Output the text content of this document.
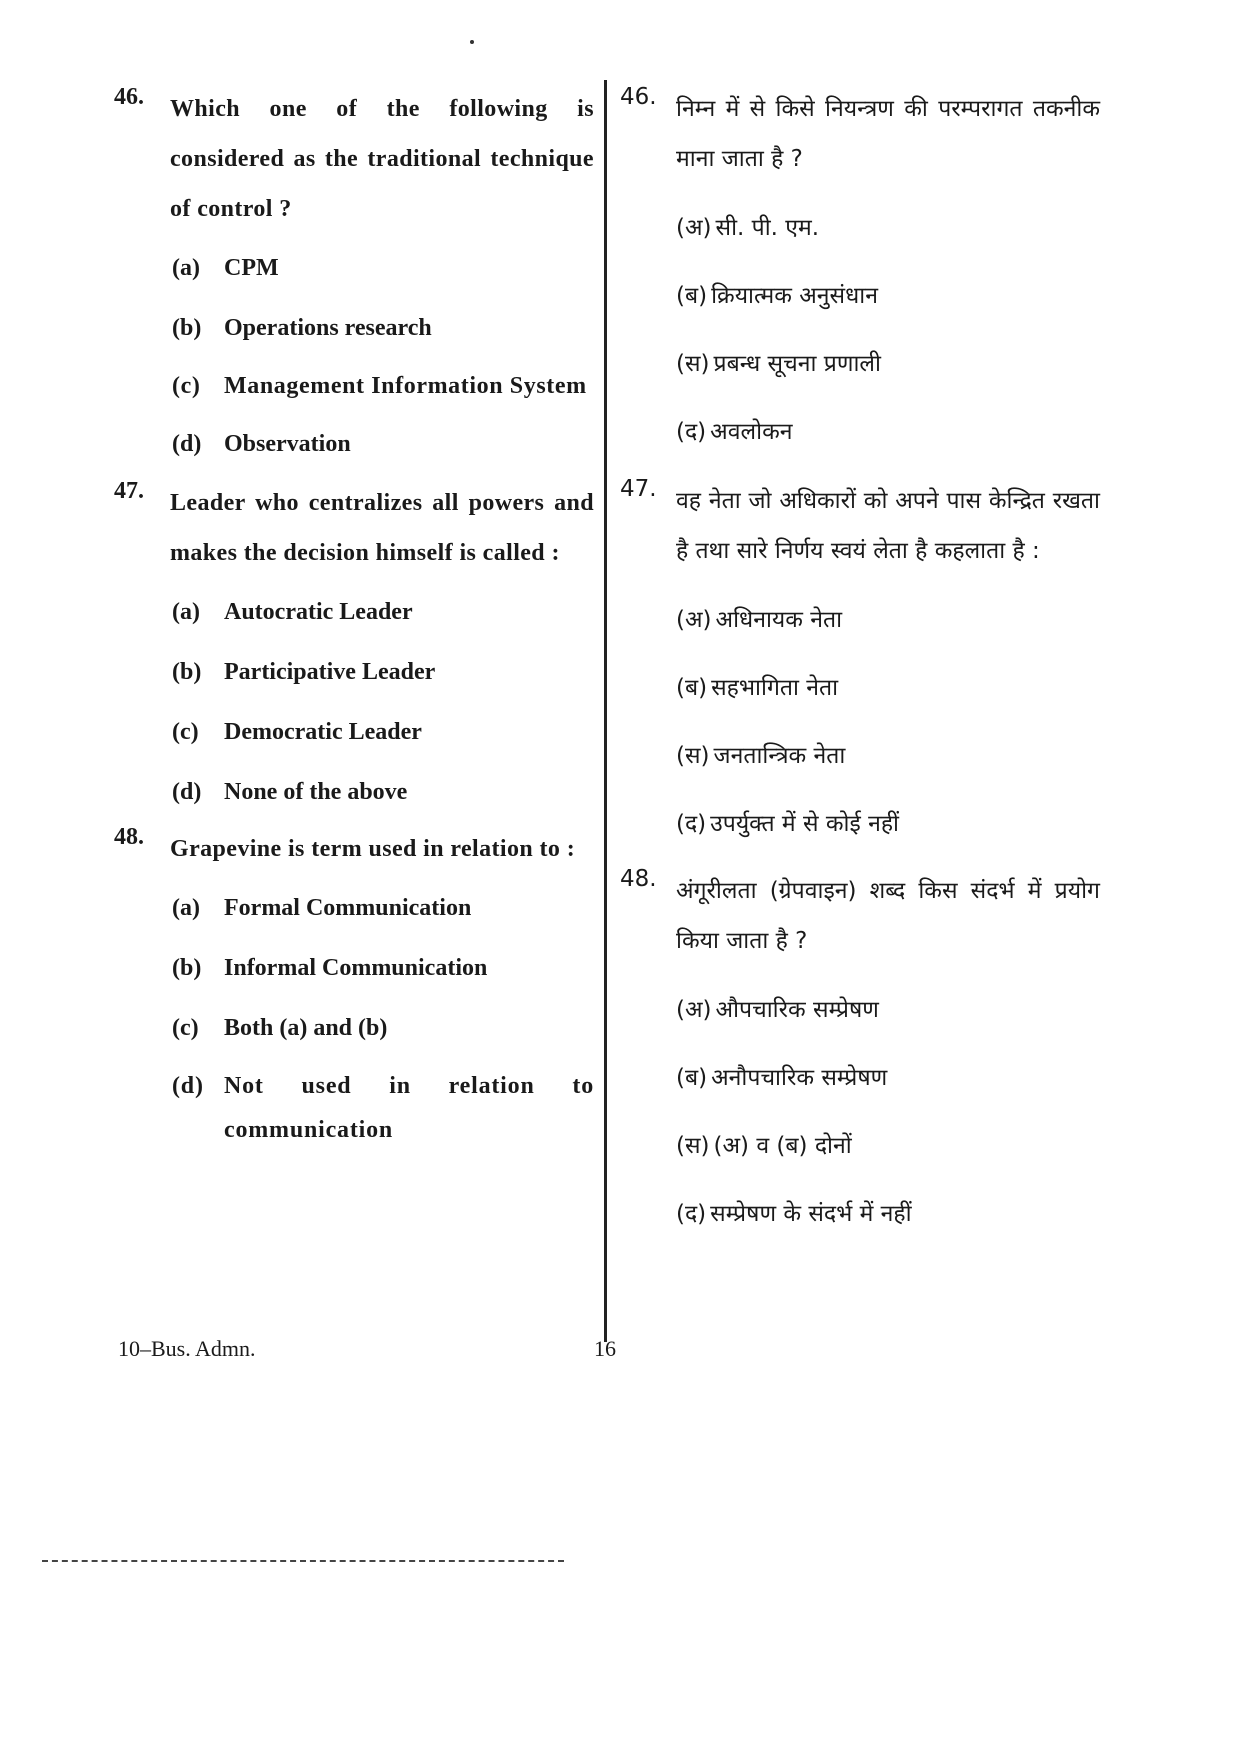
46. Which one of the following is considered as the traditional technique of control ?
(a) CPM
(b) Operations research
(c) Management Information System
(d) Observation
47. Leader who centralizes all powers and makes the decision himself is called :
(a) Autocratic Leader
(b) Participative Leader
(c) Democratic Leader
(d) None of the above
48. Grapevine is term used in relation to :
(a) Formal Communication
(b) Informal Communication
(c) Both (a) and (b)
(d) Not used in relation to communication
46. निम्न में से किसे नियन्त्रण की परम्परागत तकनीक माना जाता है ?
(अ) सी. पी. एम.
(ब) क्रियात्मक अनुसंधान
(स) प्रबन्ध सूचना प्रणाली
(द) अवलोकन
47. वह नेता जो अधिकारों को अपने पास केन्द्रित रखता है तथा सारे निर्णय स्वयं लेता है कहलाता है :
(अ) अधिनायक नेता
(ब) सहभागिता नेता
(स) जनतान्त्रिक नेता
(द) उपर्युक्त में से कोई नहीं
48. अंगूरीलता (ग्रेपवाइन) शब्द किस संदर्भ में प्रयोग किया जाता है ?
(अ) औपचारिक सम्प्रेषण
(ब) अनौपचारिक सम्प्रेषण
(स) (अ) व (ब) दोनों
(द) सम्प्रेषण के संदर्भ में नहीं
10–Bus. Admn.	16
